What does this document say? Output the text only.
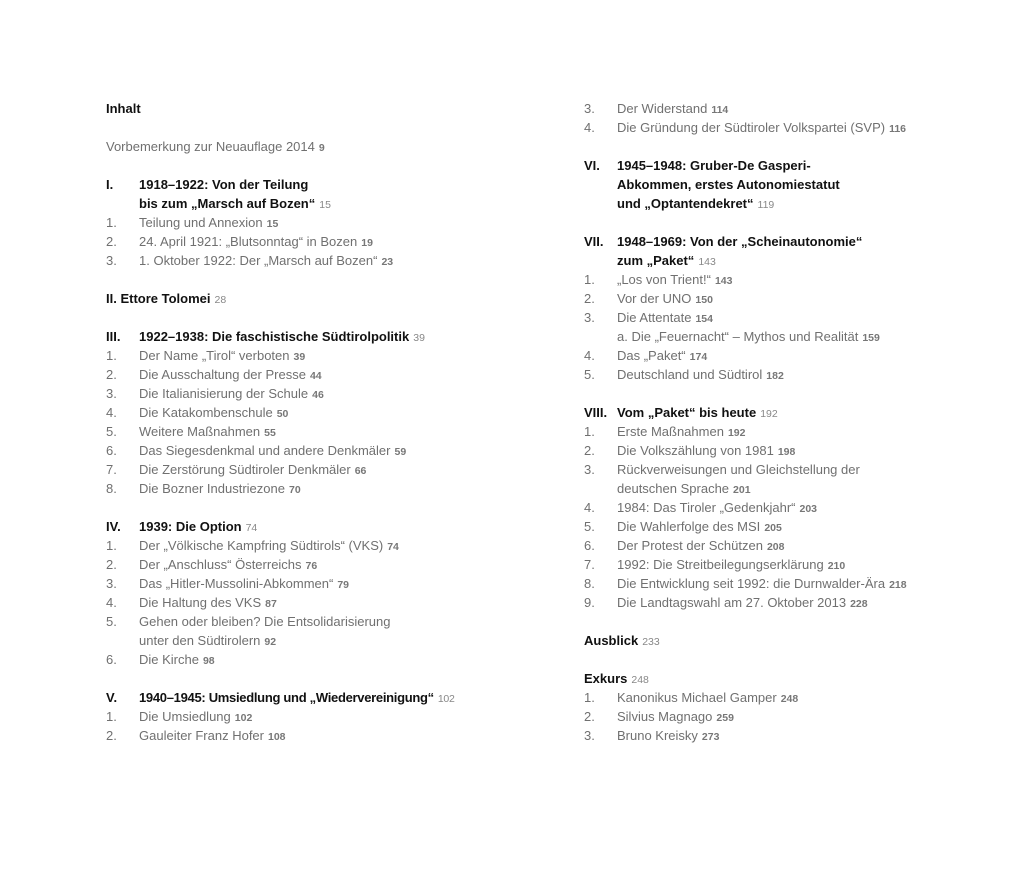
Inhalt
Vorbemerkung zur Neuauflage 2014 9
I. 1918–1922: Von der Teilung
bis zum „Marsch auf Bozen“ 15
1. Teilung und Annexion 15
2. 24. April 1921: „Blutsonntag“ in Bozen 19
3. 1. Oktober 1922: Der „Marsch auf Bozen“ 23
II. Ettore Tolomei 28
III. 1922–1938: Die faschistische Südtirolpolitik 39
1. Der Name „Tirol“ verboten 39
2. Die Ausschaltung der Presse 44
3. Die Italianisierung der Schule 46
4. Die Katakombenschule 50
5. Weitere Maßnahmen 55
6. Das Siegesdenkmal und andere Denkmäler 59
7. Die Zerstörung Südtiroler Denkmäler 66
8. Die Bozner Industriezone 70
IV. 1939: Die Option 74
1. Der „Völkische Kampfring Südtirols“ (VKS) 74
2. Der „Anschluss“ Österreichs 76
3. Das „Hitler-Mussolini-Abkommen“ 79
4. Die Haltung des VKS 87
5. Gehen oder bleiben? Die Entsolidarisierung
unter den Südtirolern 92
6. Die Kirche 98
V. 1940–1945: Umsiedlung und „Wiedervereinigung“ 102
1. Die Umsiedlung 102
2. Gauleiter Franz Hofer 108
3. Der Widerstand 114
4. Die Gründung der Südtiroler Volkspartei (SVP) 116
VI. 1945–1948: Gruber-De Gasperi-
Abkommen, erstes Autonomiestatut
und „Optantendekret“ 119
VII. 1948–1969: Von der „Scheinautonomie“
zum „Paket“ 143
1. „Los von Trient!“ 143
2. Vor der UNO 150
3. Die Attentate 154
a. Die „Feuernacht“ – Mythos und Realität 159
4. Das „Paket“ 174
5. Deutschland und Südtirol 182
VIII. Vom „Paket“ bis heute 192
1. Erste Maßnahmen 192
2. Die Volkszählung von 1981 198
3. Rückverweisungen und Gleichstellung der
deutschen Sprache 201
4. 1984: Das Tiroler „Gedenkjahr“ 203
5. Die Wahlerfolge des MSI 205
6. Der Protest der Schützen 208
7. 1992: Die Streitbeilegungserklärung 210
8. Die Entwicklung seit 1992: die Durnwalder-Ära 218
9. Die Landtagswahl am 27. Oktober 2013 228
Ausblick 233
Exkurs 248
1. Kanonikus Michael Gamper 248
2. Silvius Magnago 259
3. Bruno Kreisky 273
